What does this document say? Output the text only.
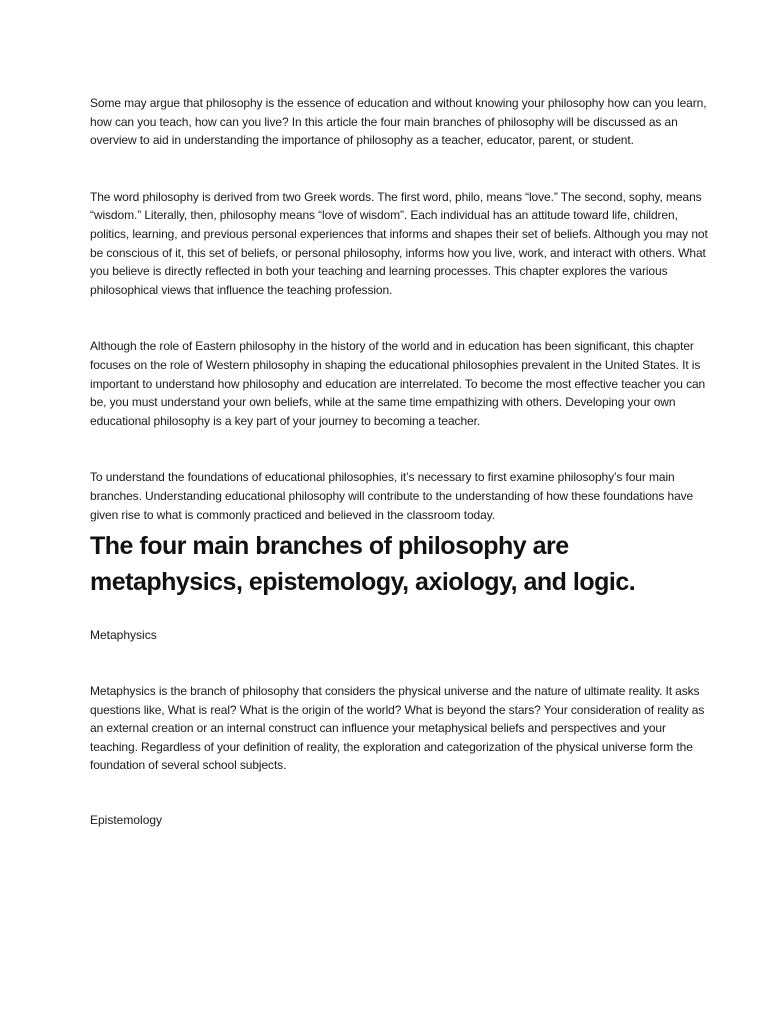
Some may argue that philosophy is the essence of education and without knowing your philosophy how can you learn, how can you teach, how can you live? In this article the four main branches of philosophy will be discussed as an overview to aid in understanding the importance of philosophy as a teacher, educator, parent, or student.

The word philosophy is derived from two Greek words. The first word, philo, means “love.” The second, sophy, means “wisdom.” Literally, then, philosophy means “love of wisdom”. Each individual has an attitude toward life, children, politics, learning, and previous personal experiences that informs and shapes their set of beliefs. Although you may not be conscious of it, this set of beliefs, or personal philosophy, informs how you live, work, and interact with others. What you believe is directly reflected in both your teaching and learning processes. This chapter explores the various philosophical views that influence the teaching profession.

Although the role of Eastern philosophy in the history of the world and in education has been significant, this chapter focuses on the role of Western philosophy in shaping the educational philosophies prevalent in the United States. It is important to understand how philosophy and education are interrelated. To become the most effective teacher you can be, you must understand your own beliefs, while at the same time empathizing with others. Developing your own educational philosophy is a key part of your journey to becoming a teacher.

To understand the foundations of educational philosophies, it’s necessary to first examine philosophy’s four main branches. Understanding educational philosophy will contribute to the understanding of how these foundations have given rise to what is commonly practiced and believed in the classroom today.

The four main branches of philosophy are metaphysics, epistemology, axiology, and logic.

Metaphysics

Metaphysics is the branch of philosophy that considers the physical universe and the nature of ultimate reality. It asks questions like, What is real? What is the origin of the world? What is beyond the stars? Your consideration of reality as an external creation or an internal construct can influence your metaphysical beliefs and perspectives and your teaching. Regardless of your definition of reality, the exploration and categorization of the physical universe form the foundation of several school subjects.

Epistemology
